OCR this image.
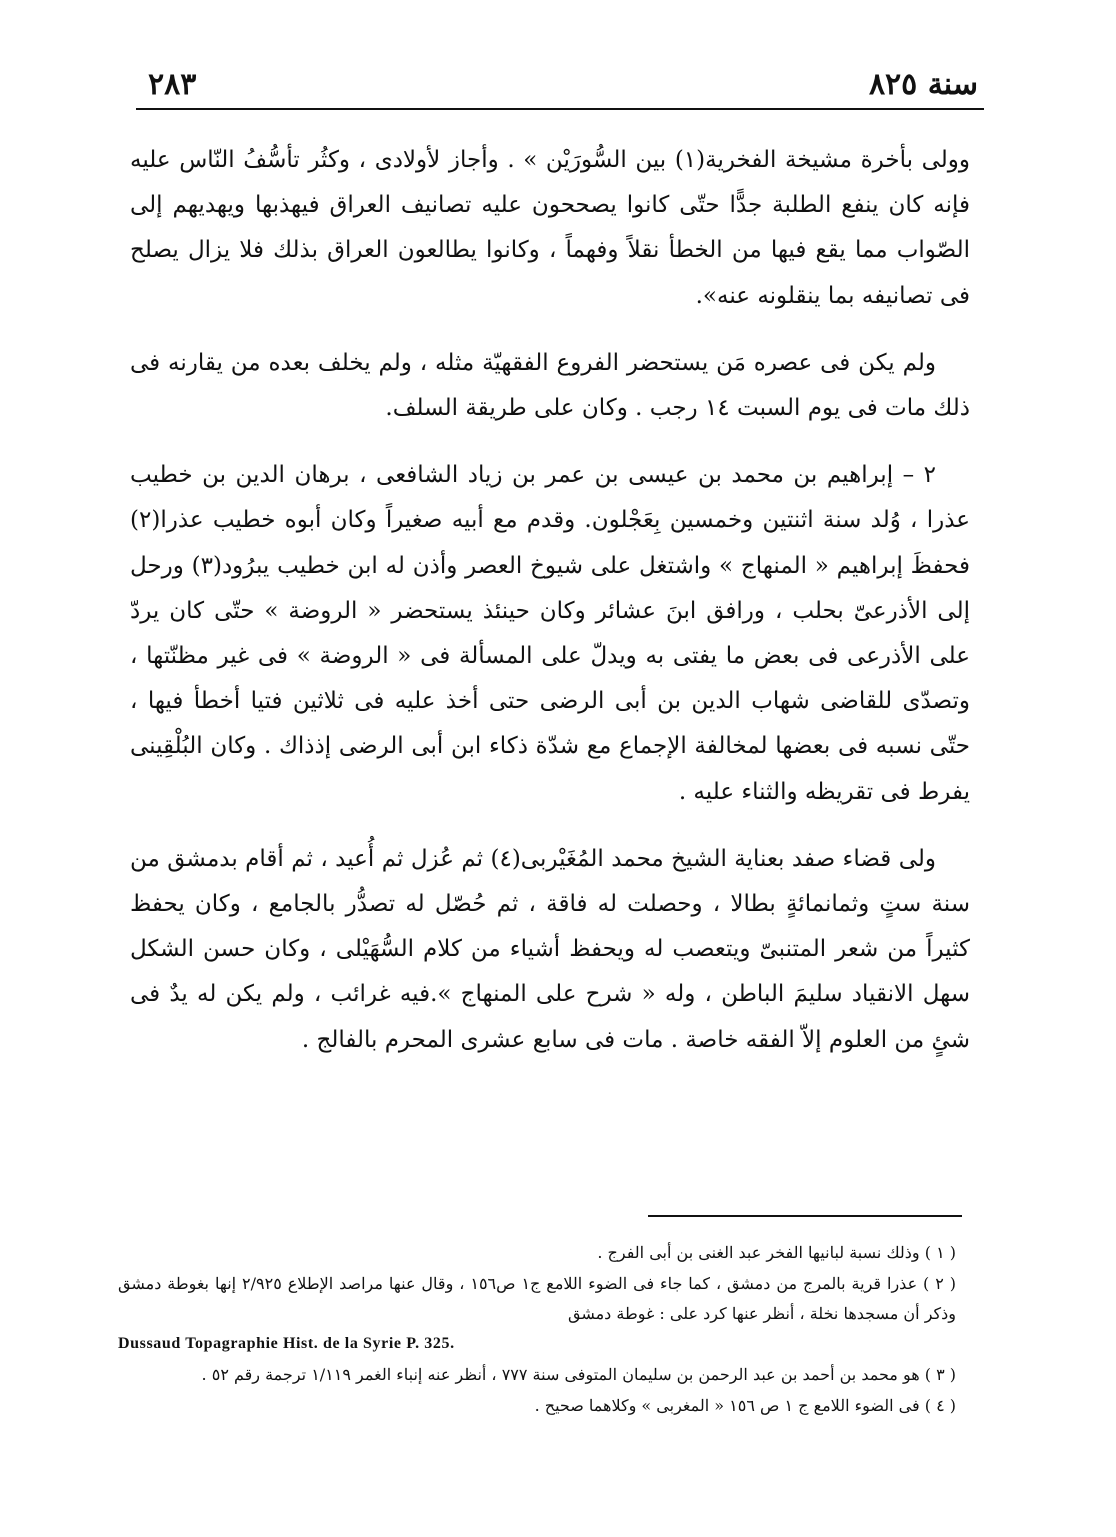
سنة ٨٢٥
٢٨٣

وولى بأخرة مشيخة الفخرية(١) بين السُّورَيْن » . وأجاز لأولادى ، وكثُر تأسُّفُ النّاس عليه فإنه كان ينفع الطلبة جدًّا حتّى كانوا يصححون عليه تصانيف العراق فيهذبها ويهديهم إلى الصّواب مما يقع فيها من الخطأ نقلاً وفهماً ، وكانوا يطالعون العراق بذلك فلا يزال يصلح فى تصانيفه بما ينقلونه عنه».

ولم يكن فى عصره مَن يستحضر الفروع الفقهيّة مثله ، ولم يخلف بعده من يقارنه فى ذلك مات فى يوم السبت ١٤ رجب . وكان على طريقة السلف.

٢ – إبراهيم بن محمد بن عيسى بن عمر بن زياد الشافعى ، برهان الدين بن خطيب عذرا ، وُلد سنة اثنتين وخمسين بِعَجْلون. وقدم مع أبيه صغيراً وكان أبوه خطيب عذرا(٢) فحفظَ إبراهيم « المنهاج » واشتغل على شيوخ العصر وأذن له ابن خطيب يبرُود(٣) ورحل إلى الأذرعىّ بحلب ، ورافق ابنَ عشائر وكان حينئذ يستحضر « الروضة » حتّى كان يردّ على الأذرعى فى بعض ما يفتى به ويدلّ على المسألة فى « الروضة » فى غير مظنّتها ، وتصدّى للقاضى شهاب الدين بن أبى الرضى حتى أخذ عليه فى ثلاثين فتيا أخطأ فيها ، حتّى نسبه فى بعضها لمخالفة الإجماع مع شدّة ذكاء ابن أبى الرضى إذذاك . وكان البُلْقِينى يفرط فى تقريظه والثناء عليه .

ولى قضاء صفد بعناية الشيخ محمد المُغَيْربى(٤) ثم عُزل ثم أُعيد ، ثم أقام بدمشق من سنة ستٍ وثمانمائةٍ بطالا ، وحصلت له فاقة ، ثم حُصّل له تصدُّر بالجامع ، وكان يحفظ كثيراً من شعر المتنبىّ ويتعصب له ويحفظ أشياء من كلام السُّهَيْلى ، وكان حسن الشكل سهل الانقياد سليمَ الباطن ، وله « شرح على المنهاج ».فيه غرائب ، ولم يكن له يدٌ فى شئٍ من العلوم إلاّ الفقه خاصة . مات فى سابع عشرى المحرم بالفالج .

( ١ ) وذلك نسبة لبانيها الفخر عبد الغنى بن أبى الفرج .

( ٢ ) عذرا قرية بالمرج من دمشق ، كما جاء فى الضوء اللامع ج١ ص١٥٦ ، وقال عنها مراصد الإطلاع ٢/٩٢٥ إنها بغوطة دمشق وذكر أن مسجدها نخلة ، أنظر عنها كرد على : غوطة دمشق
Dussaud Topagraphie Hist. de la Syrie P. 325.

( ٣ ) هو محمد بن أحمد بن عبد الرحمن بن سليمان المتوفى سنة ٧٧٧ ، أنظر عنه إنباء الغمر ١/١١٩ ترجمة رقم ٥٢ .

( ٤ ) فى الضوء اللامع ج ١ ص ١٥٦ « المغربى » وكلاهما صحيح .
